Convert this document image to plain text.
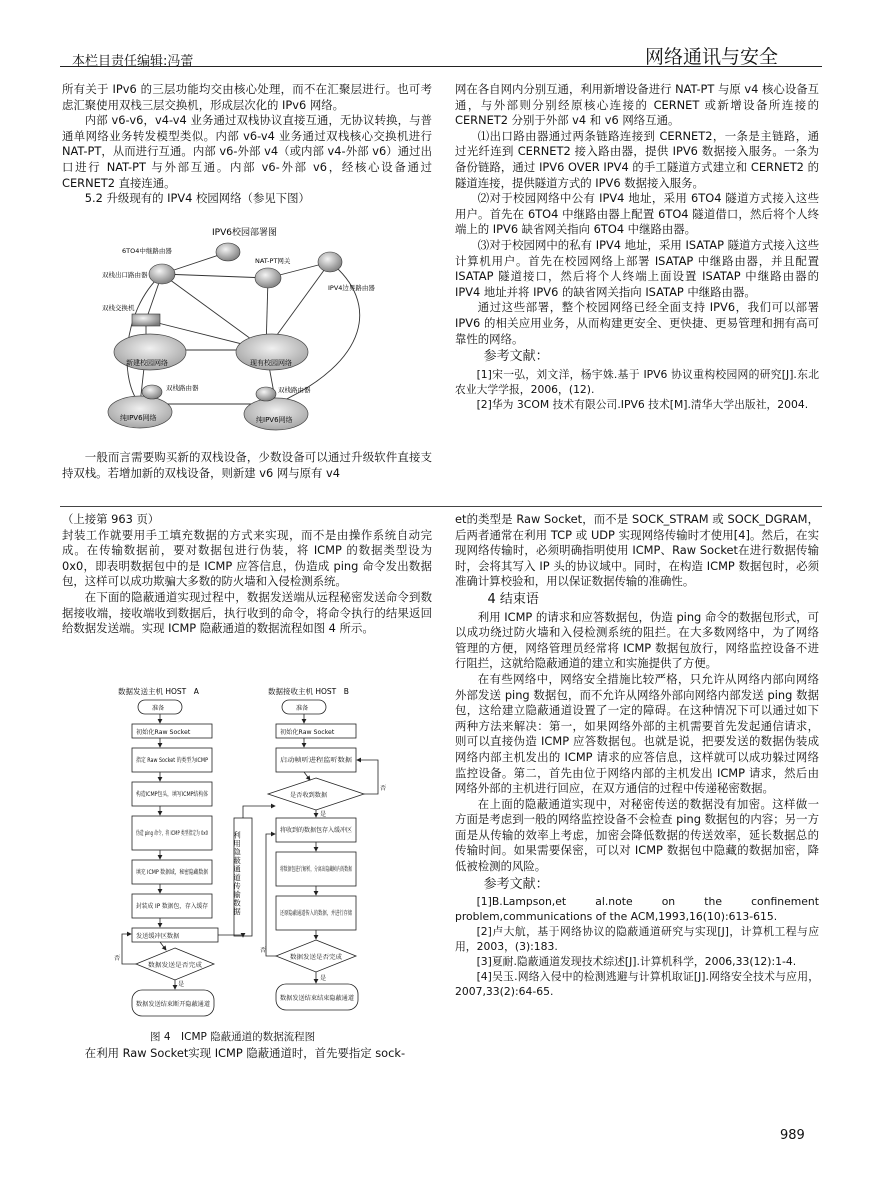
本栏目责任编辑:冯蕾	网络通讯与安全

所有关于 IPv6 的三层功能均交由核心处理，而不在汇聚层进行。也可考虑汇聚使用双栈三层交换机，形成层次化的 IPv6 网络。

内部 v6-v6，v4-v4 业务通过双栈协议直接互通，无协议转换，与普通单网络业务转发模型类似。内部 v6-v4 业务通过双栈核心交换机进行 NAT-PT，从而进行互通。内部 v6-外部 v4（或内部 v4-外部 v6）通过出口进行 NAT-PT 与外部互通。内部 v6-外部 v6，经核心设备通过 CERNET2 直接连通。

5.2 升级现有的 IPV4 校园网络（参见下图）

IPV6校园部署图
6TO4中继路由器
NAT-PT网关
双栈出口路由器
IPV4边界路由器
双栈交换机
新建校园网络	现有校园网络
双栈路由器	双栈路由器
纯IPV6网络	纯IPV6网络

一般而言需要购买新的双栈设备，少数设备可以通过升级软件直接支持双栈。若增加新的双栈设备，则新建 v6 网与原有 v4

网在各自网内分别互通，利用新增设备进行 NAT-PT 与原 v4 核心设备互通，与外部则分别经原核心连接的 CERNET 或新增设备所连接的 CERNET2 分别于外部 v4 和 v6 网络互通。

⑴出口路由器通过两条链路连接到 CERNET2，一条是主链路，通过光纤连到 CERNET2 接入路由器，提供 IPV6 数据接入服务。一条为备份链路，通过 IPV6 OVER IPV4 的手工隧道方式建立和 CERNET2 的隧道连接，提供隧道方式的 IPV6 数据接入服务。

⑵对于校园网络中公有 IPV4 地址，采用 6TO4 隧道方式接入这些用户。首先在 6TO4 中继路由器上配置 6TO4 隧道借口，然后将个人终端上的 IPV6 缺省网关指向 6TO4 中继路由器。

⑶对于校园网中的私有 IPV4 地址，采用 ISATAP 隧道方式接入这些计算机用户。首先在校园网络上部署 ISATAP 中继路由器，并且配置 ISATAP 隧道接口，然后将个人终端上面设置 ISATAP 中继路由器的 IPV4 地址并将 IPV6 的缺省网关指向 ISATAP 中继路由器。

通过这些部署，整个校园网络已经全面支持 IPV6，我们可以部署 IPV6 的相关应用业务，从而构建更安全、更快捷、更易管理和拥有高可靠性的网络。

参考文献：

[1]宋一弘，刘文洋，杨宇姝.基于 IPV6 协议重构校园网的研究[J].东北农业大学学报，2006，(12).

[2]华为 3COM 技术有限公司.IPV6 技术[M].清华大学出版社，2004.

（上接第 963 页）

封装工作就要用手工填充数据的方式来实现，而不是由操作系统自动完成。在传输数据前，要对数据包进行伪装，将 ICMP 的数据类型设为 0x0，即表明数据包中的是 ICMP 应答信息，伪造成 ping 命令发出数据包，这样可以成功欺骗大多数的防火墙和入侵检测系统。

在下面的隐蔽通道实现过程中，数据发送端从远程秘密发送命令到数据接收端，接收端收到数据后，执行收到的命令，将命令执行的结果返回给数据发送端。实现 ICMP 隐蔽通道的数据流程如图 4 所示。

数据发送主机 HOST　A	数据接收主机 HOST　B
准备
初始化Raw Socket
指定 Raw Socket 的类型为ICMP
构造ICMP包头，填写ICMP结构体
伪造 ping 命令，将 ICMP 类型指定为 0x0
填充 ICMP 数据域，秘密隐藏数据
封装成 IP 数据包，存入缓存
发送缓冲区数据
数据发送是否完成
数据发送结束断开隐蔽通道
准备
初始化Raw Socket
启动帧听进程监听数据
是否收到数据
将收到的数据包存入缓冲区
将数据包进行解析，分离出隐藏帧内的数据
还原隐蔽通道传入的数据，并进行存储
数据发送是否完成
数据发送结束结束隐蔽通道
利用隐蔽通道传输数据
是
否
是
否
是
否
图 4　ICMP 隐蔽通道的数据流程图

在利用 Raw Socket实现 ICMP 隐蔽通道时，首先要指定 sock-

et的类型是 Raw Socket，而不是 SOCK_STRAM 或 SOCK_DGRAM，后两者通常在利用 TCP 或 UDP 实现网络传输时才使用[4]。然后，在实现网络传输时，必须明确指明使用 ICMP、Raw Socket在进行数据传输时，会将其写入 IP 头的协议域中。同时，在构造 ICMP 数据包时，必须准确计算校验和，用以保证数据传输的准确性。

4 结束语

利用 ICMP 的请求和应答数据包，伪造 ping 命令的数据包形式，可以成功绕过防火墙和入侵检测系统的阻拦。在大多数网络中，为了网络管理的方便，网络管理员经常将 ICMP 数据包放行，网络监控设备不进行阻拦，这就给隐蔽通道的建立和实施提供了方便。

在有些网络中，网络安全措施比较严格，只允许从网络内部向网络外部发送 ping 数据包，而不允许从网络外部向网络内部发送 ping 数据包，这给建立隐蔽通道设置了一定的障碍。在这种情况下可以通过如下两种方法来解决：第一，如果网络外部的主机需要首先发起通信请求，则可以直接伪造 ICMP 应答数据包。也就是说，把要发送的数据伪装成网络内部主机发出的 ICMP 请求的应答信息，这样就可以成功躲过网络监控设备。第二，首先由位于网络内部的主机发出 ICMP 请求，然后由网络外部的主机进行回应，在双方通信的过程中传递秘密数据。

在上面的隐蔽通道实现中，对秘密传送的数据没有加密。这样做一方面是考虑到一般的网络监控设备不会检查 ping 数据包的内容；另一方面是从传输的效率上考虑，加密会降低数据的传送效率，延长数据总的传输时间。如果需要保密，可以对 ICMP 数据包中隐藏的数据加密，降低被检测的风险。

参考文献：

[1]B.Lampson,et al.note on the confinement problem,communications of the ACM,1993,16(10):613-615.

[2]卢大航，基于网络协议的隐蔽通道研究与实现[J]，计算机工程与应用，2003，(3):183.

[3]夏耐.隐蔽通道发现技术综述[J].计算机科学，2006,33(12):1-4.

[4]吴玉.网络入侵中的检测逃避与计算机取证[J].网络安全技术与应用，2007,33(2):64-65.

989
